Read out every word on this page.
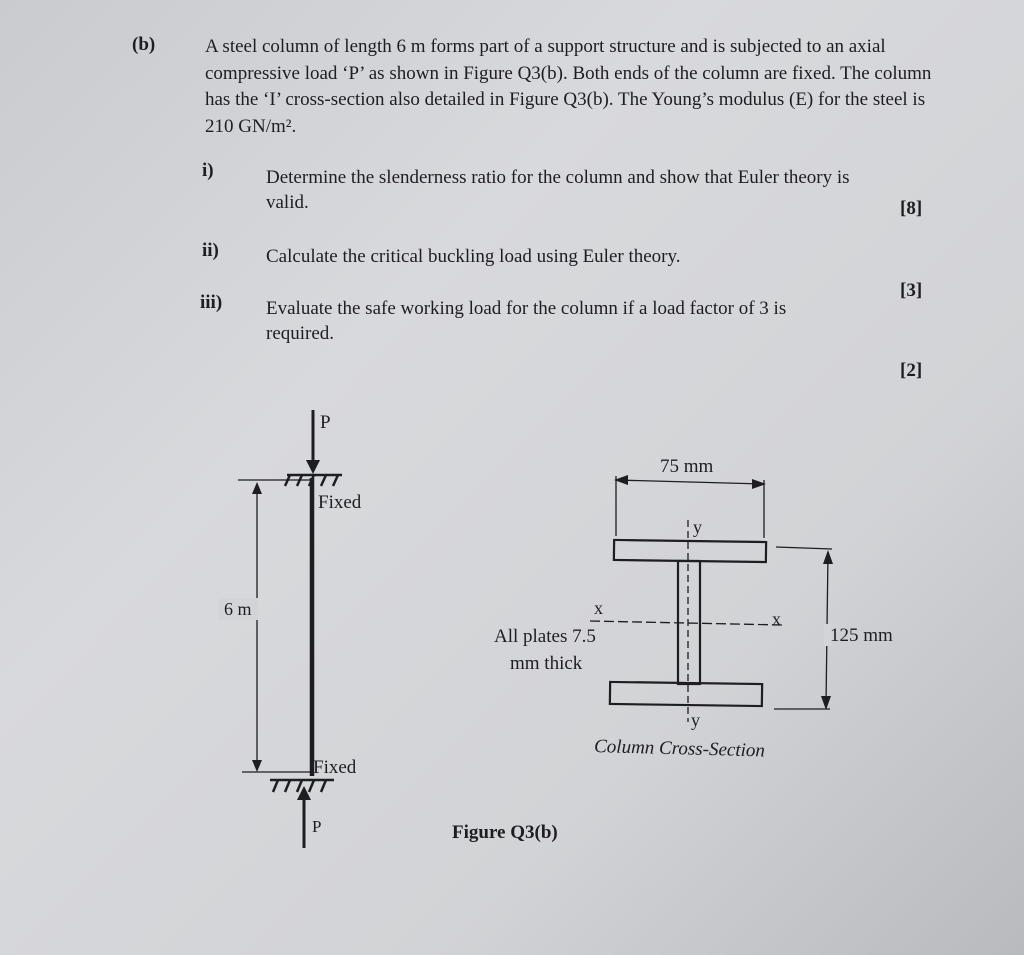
(b)	A steel column of length 6 m forms part of a support structure and is subjected to an axial compressive load ‘P’ as shown in Figure Q3(b). Both ends of the column are fixed. The column has the ‘I’ cross-section also detailed in Figure Q3(b). The Young’s modulus (E) for the steel is 210 GN/m².
i)	Determine the slenderness ratio for the column and show that Euler theory is valid.	[8]
ii) Calculate the critical buckling load using Euler theory.
[3]
iii) Evaluate the safe working load for the column if a load factor of 3 is required.
[2]
P
Fixed
6 m
Fixed
P
75 mm
y
y
x
x
All plates 7.5
mm thick
125 mm
Column Cross-Section
Figure Q3(b)
